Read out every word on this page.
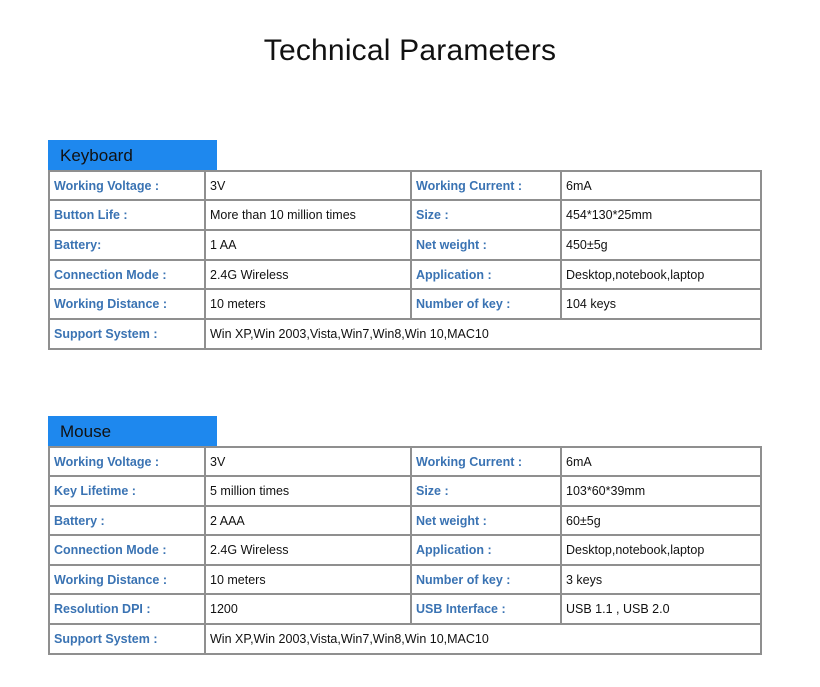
Technical Parameters
Keyboard
Working Voltage :	3V	Working Current :	6mA
Button Life :	More than 10 million times	Size :	454*130*25mm
Battery:	1 AA	Net weight :	450±5g
Connection Mode :	2.4G Wireless	Application :	Desktop,notebook,laptop
Working Distance :	10 meters	Number of key :	104 keys
Support System :	Win XP,Win 2003,Vista,Win7,Win8,Win 10,MAC10		
Mouse
Working Voltage :	3V	Working Current :	6mA
Key Lifetime :	5 million times	Size :	103*60*39mm
Battery :	2 AAA	Net weight :	60±5g
Connection Mode :	2.4G Wireless	Application :	Desktop,notebook,laptop
Working Distance :	10 meters	Number of key :	3 keys
Resolution DPI :	1200	USB Interface :	USB 1.1 , USB 2.0
Support System :	Win XP,Win 2003,Vista,Win7,Win8,Win 10,MAC10		
